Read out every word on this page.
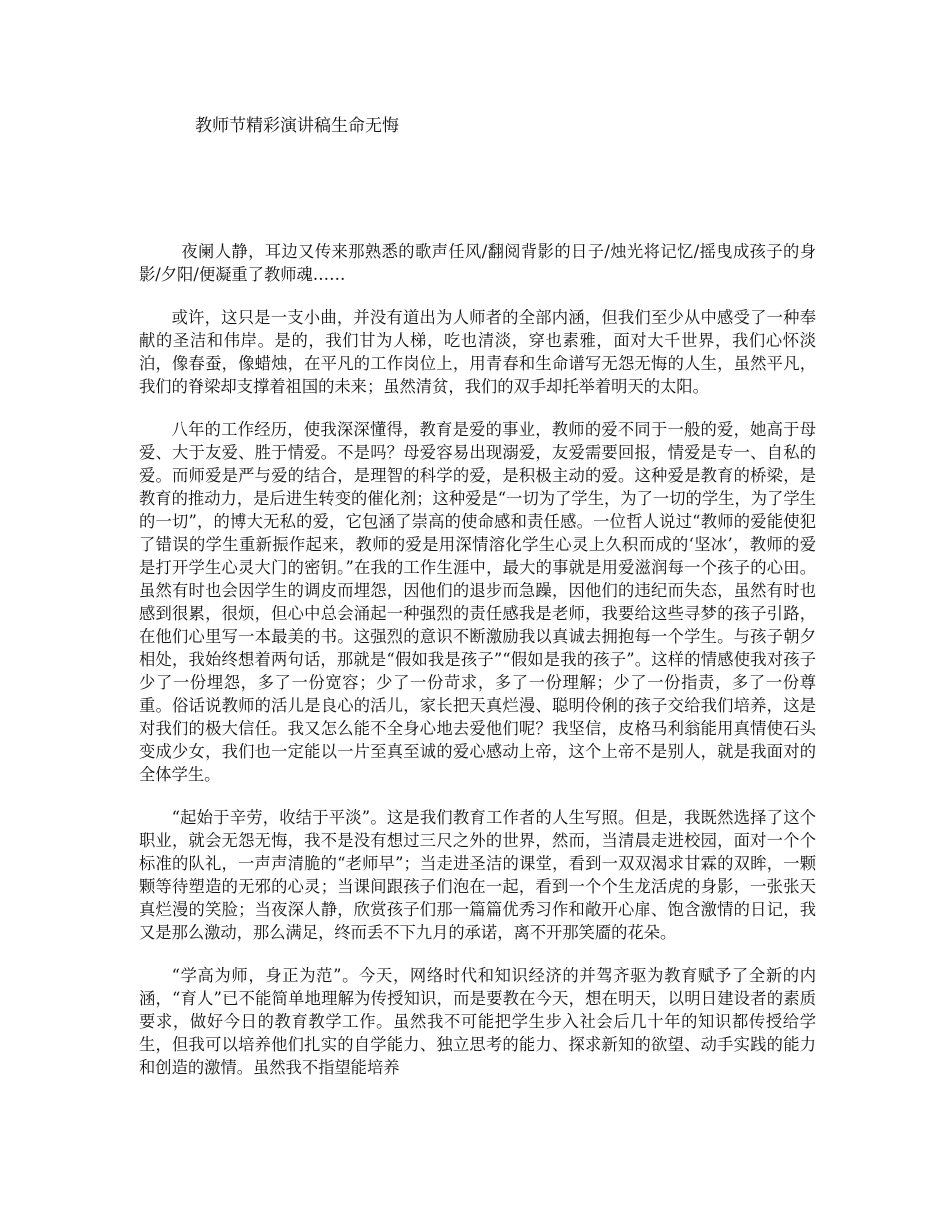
教师节精彩演讲稿生命无悔

夜阑人静，耳边又传来那熟悉的歌声任风/翻阅背影的日子/烛光将记忆/摇曳成孩子的身影/夕阳/便凝重了教师魂……

或许，这只是一支小曲，并没有道出为人师者的全部内涵，但我们至少从中感受了一种奉献的圣洁和伟岸。是的，我们甘为人梯，吃也清淡，穿也素雅，面对大千世界，我们心怀淡泊，像春蚕，像蜡烛，在平凡的工作岗位上，用青春和生命谱写无怨无悔的人生，虽然平凡，我们的脊梁却支撑着祖国的未来；虽然清贫，我们的双手却托举着明天的太阳。

八年的工作经历，使我深深懂得，教育是爱的事业，教师的爱不同于一般的爱，她高于母爱、大于友爱、胜于情爱。不是吗？母爱容易出现溺爱，友爱需要回报，情爱是专一、自私的爱。而师爱是严与爱的结合，是理智的科学的爱，是积极主动的爱。这种爱是教育的桥梁，是教育的推动力，是后进生转变的催化剂；这种爱是“一切为了学生，为了一切的学生，为了学生的一切”，的博大无私的爱，它包涵了崇高的使命感和责任感。一位哲人说过“教师的爱能使犯了错误的学生重新振作起来，教师的爱是用深情溶化学生心灵上久积而成的‘坚冰’，教师的爱是打开学生心灵大门的密钥。”在我的工作生涯中，最大的事就是用爱滋润每一个孩子的心田。虽然有时也会因学生的调皮而埋怨，因他们的退步而急躁，因他们的违纪而失态，虽然有时也感到很累，很烦，但心中总会涌起一种强烈的责任感我是老师，我要给这些寻梦的孩子引路，在他们心里写一本最美的书。这强烈的意识不断激励我以真诚去拥抱每一个学生。与孩子朝夕相处，我始终想着两句话，那就是“假如我是孩子”“假如是我的孩子”。这样的情感使我对孩子少了一份埋怨，多了一份宽容；少了一份苛求，多了一份理解；少了一份指责，多了一份尊重。俗话说教师的活儿是良心的活儿，家长把天真烂漫、聪明伶俐的孩子交给我们培养，这是对我们的极大信任。我又怎么能不全身心地去爱他们呢？我坚信，皮格马利翁能用真情使石头变成少女，我们也一定能以一片至真至诚的爱心感动上帝，这个上帝不是别人，就是我面对的全体学生。

“起始于辛劳，收结于平淡”。这是我们教育工作者的人生写照。但是，我既然选择了这个职业，就会无怨无悔，我不是没有想过三尺之外的世界，然而，当清晨走进校园，面对一个个标准的队礼，一声声清脆的“老师早”；当走进圣洁的课堂，看到一双双渴求甘霖的双眸，一颗颗等待塑造的无邪的心灵；当课间跟孩子们泡在一起，看到一个个生龙活虎的身影，一张张天真烂漫的笑脸；当夜深人静，欣赏孩子们那一篇篇优秀习作和敞开心扉、饱含激情的日记，我又是那么激动，那么满足，终而丢不下九月的承诺，离不开那笑靥的花朵。

“学高为师，身正为范”。今天，网络时代和知识经济的并驾齐驱为教育赋予了全新的内涵，“育人”已不能简单地理解为传授知识，而是要教在今天，想在明天，以明日建设者的素质要求，做好今日的教育教学工作。虽然我不可能把学生步入社会后几十年的知识都传授给学生，但我可以培养他们扎实的自学能力、独立思考的能力、探求新知的欲望、动手实践的能力和创造的激情。虽然我不指望能培养
